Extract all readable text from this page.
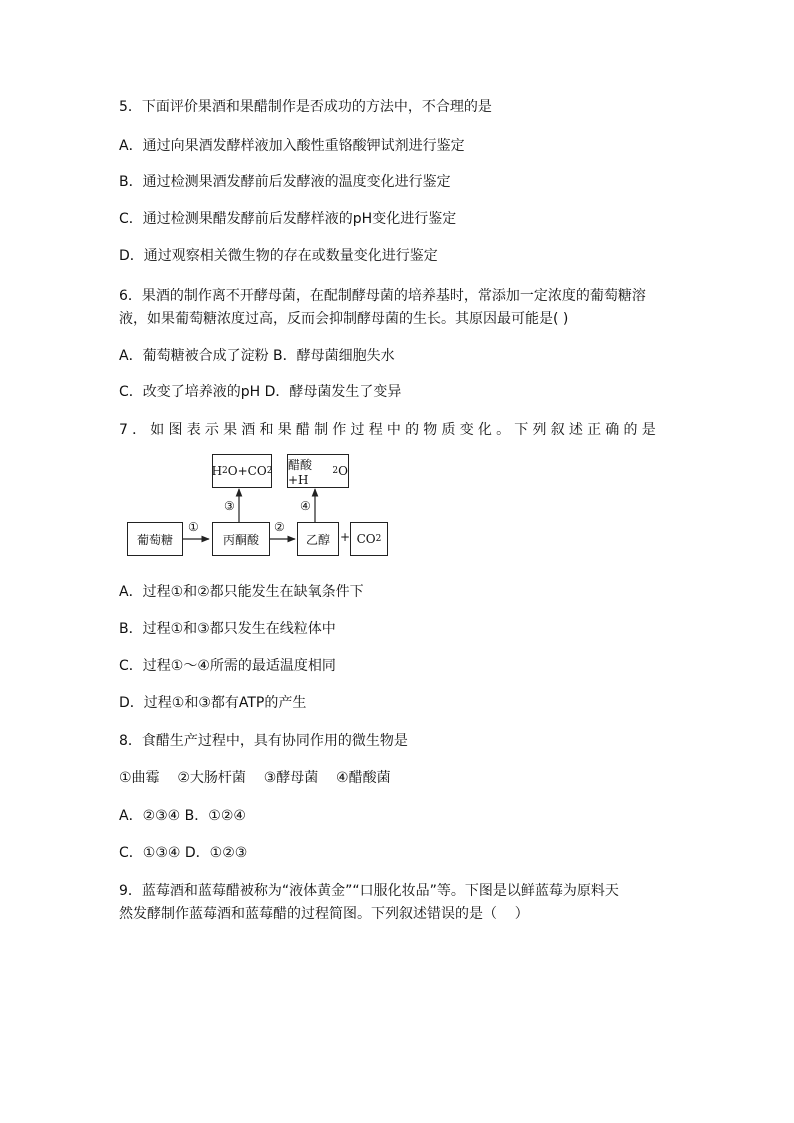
5．下面评价果酒和果醋制作是否成功的方法中，不合理的是
A．通过向果酒发酵样液加入酸性重铬酸钾试剂进行鉴定
B．通过检测果酒发酵前后发酵液的温度变化进行鉴定
C．通过检测果醋发酵前后发酵样液的pH变化进行鉴定
D．通过观察相关微生物的存在或数量变化进行鉴定
6．果酒的制作离不开酵母菌，在配制酵母菌的培养基时，常添加一定浓度的葡萄糖溶
液，如果葡萄糖浓度过高，反而会抑制酵母菌的生长。其原因最可能是( )
A．葡萄糖被合成了淀粉 B．酵母菌细胞失水
C．改变了培养液的pH D．酵母菌发生了变异
7．如图表示果酒和果醋制作过程中的物质变化。下列叙述正确的是
H 2 O+CO 2 醋酸+H
2 O
葡萄糖	丙酮酸	乙醇 CO 2
①	②
③	④
+
A．过程①和②都只能发生在缺氧条件下
B．过程①和③都只发生在线粒体中
C．过程①～④所需的最适温度相同
D．过程①和③都有ATP的产生
8．食醋生产过程中，具有协同作用的微生物是
①曲霉    ②大肠杆菌    ③酵母菌    ④醋酸菌
A．②③④ B．①②④
C．①③④ D．①②③
9．蓝莓酒和蓝莓醋被称为“液体黄金”“口服化妆品”等。下图是以鲜蓝莓为原料天
然发酵制作蓝莓酒和蓝莓醋的过程简图。下列叙述错误的是（    ）
